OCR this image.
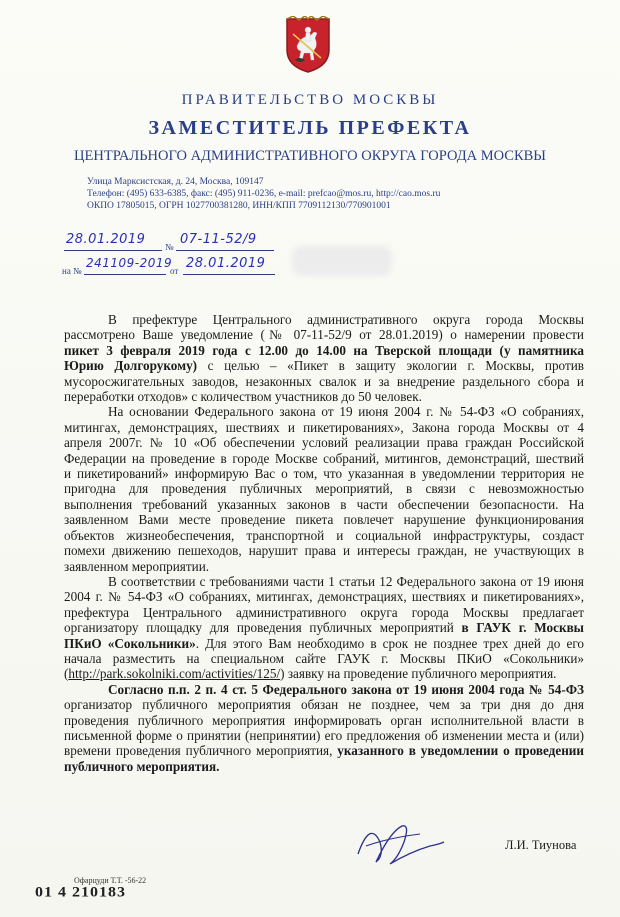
ПРАВИТЕЛЬСТВО МОСКВЫ
ЗАМЕСТИТЕЛЬ ПРЕФЕКТА
ЦЕНТРАЛЬНОГО АДМИНИСТРАТИВНОГО ОКРУГА ГОРОДА МОСКВЫ
Улица Марксистская, д. 24, Москва, 109147
Телефон: (495) 633-6385, факс: (495) 911-0236, e-mail: prefcao@mos.ru, http://cao.mos.ru
ОКПО 17805015, ОГРН 1027700381280, ИНН/КПП 7709112130/770901001
№
28.01.2019	07-11-52/9
на №	от
241109-2019 28.01.2019

В префектуре Центрального административного округа города Москвы
рассмотрено Ваше уведомление (№ 07-11-52/9 от 28.01.2019) о намерении провести
пикет 3 февраля 2019 года с 12.00 до 14.00 на Тверской площади (у памятника
Юрию Долгорукому) с целью – «Пикет в защиту экологии г. Москвы, против
мусоросжигательных заводов, незаконных свалок и за внедрение раздельного сбора и
переработки отходов» с количеством участников до 50 человек.

На основании Федерального закона от 19 июня 2004 г. № 54-ФЗ «О собраниях,
митингах, демонстрациях, шествиях и пикетированиях», Закона города Москвы от 4
апреля 2007г. № 10 «Об обеспечении условий реализации права граждан Российской
Федерации на проведение в городе Москве собраний, митингов, демонстраций, шествий
и пикетирований» информирую Вас о том, что указанная в уведомлении территория не
пригодна для проведения публичных мероприятий, в связи с невозможностью
выполнения требований указанных законов в части обеспечении безопасности. На
заявленном Вами месте проведение пикета повлечет нарушение функционирования
объектов жизнеобеспечения, транспортной и социальной инфраструктуры, создаст
помехи движению пешеходов, нарушит права и интересы граждан, не участвующих в
заявленном мероприятии.

В соответствии с требованиями части 1 статьи 12 Федерального закона от 19 июня
2004 г. № 54-ФЗ «О собраниях, митингах, демонстрациях, шествиях и пикетированиях»,
префектура Центрального административного округа города Москвы предлагает
организатору площадку для проведения публичных мероприятий в ГАУК г. Москвы
ПКиО «Сокольники». Для этого Вам необходимо в срок не позднее трех дней до его
начала разместить на специальном сайте ГАУК г. Москвы ПКиО «Сокольники»
(http://park.sokolniki.com/activities/125/) заявку на проведение публичного мероприятия.

Согласно п.п. 2 п. 4 ст. 5 Федерального закона от 19 июня 2004 года № 54-ФЗ
организатор публичного мероприятия обязан не позднее, чем за три дня до дня
проведения публичного мероприятия информировать орган исполнительной власти в
письменной форме о принятии (непринятии) его предложения об изменении места и (или)
времени проведения публичного мероприятия, указанного в уведомлении о проведении
публичного мероприятия.

Л.И. Тиунова
Офарцуди Т.Т. -56-22
01 4 210183
